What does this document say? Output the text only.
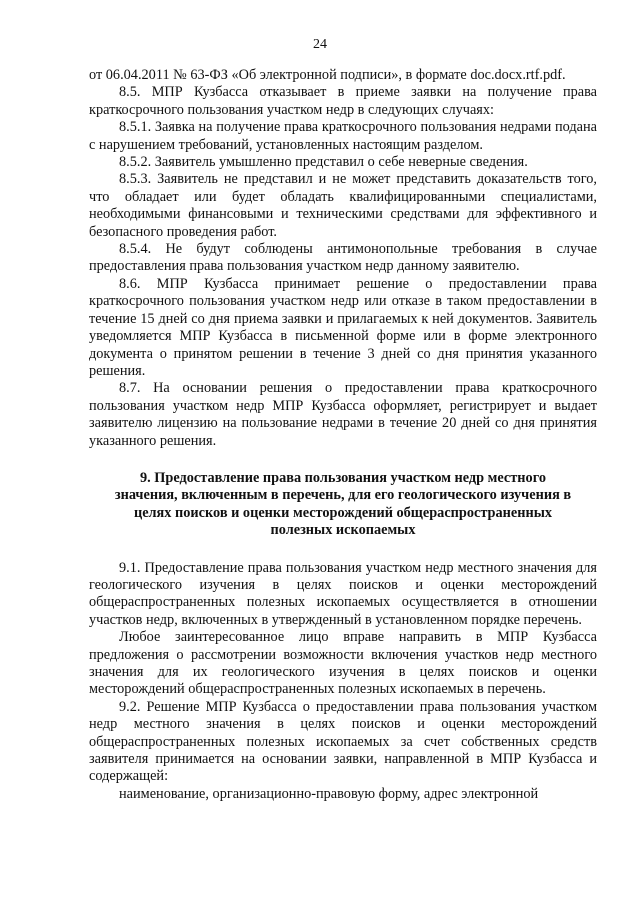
24

от 06.04.2011 № 63-ФЗ «Об электронной подписи», в формате doc.docx.rtf.pdf.

8.5. МПР Кузбасса отказывает в приеме заявки на получение права краткосрочного пользования участком недр в следующих случаях:

8.5.1. Заявка на получение права краткосрочного пользования недрами подана с нарушением требований, установленных настоящим разделом.

8.5.2. Заявитель умышленно представил о себе неверные сведения.

8.5.3. Заявитель не представил и не может представить доказательств того, что обладает или будет обладать квалифицированными специалистами, необходимыми финансовыми и техническими средствами для эффективного и безопасного проведения работ.

8.5.4. Не будут соблюдены антимонопольные требования в случае предоставления права пользования участком недр данному заявителю.

8.6. МПР Кузбасса принимает решение о предоставлении права краткосрочного пользования участком недр или отказе в таком предоставлении в течение 15 дней со дня приема заявки и прилагаемых к ней документов. Заявитель уведомляется МПР Кузбасса в письменной форме или в форме электронного документа о принятом решении в течение 3 дней со дня принятия указанного решения.

8.7. На основании решения о предоставлении права краткосрочного пользования участком недр МПР Кузбасса оформляет, регистрирует и выдает заявителю лицензию на пользование недрами в течение 20 дней со дня принятия указанного решения.

9. Предоставление права пользования участком недр местного значения, включенным в перечень, для его геологического изучения в целях поисков и оценки месторождений общераспространенных полезных ископаемых

9.1. Предоставление права пользования участком недр местного значения для геологического изучения в целях поисков и оценки месторождений общераспространенных полезных ископаемых осуществляется в отношении участков недр, включенных в утвержденный в установленном порядке перечень.

Любое заинтересованное лицо вправе направить в МПР Кузбасса предложения о рассмотрении возможности включения участков недр местного значения для их геологического изучения в целях поисков и оценки месторождений общераспространенных полезных ископаемых в перечень.

9.2. Решение МПР Кузбасса о предоставлении права пользования участком недр местного значения в целях поисков и оценки месторождений общераспространенных полезных ископаемых за счет собственных средств заявителя принимается на основании заявки, направленной в МПР Кузбасса и содержащей:

наименование, организационно-правовую форму, адрес электронной
